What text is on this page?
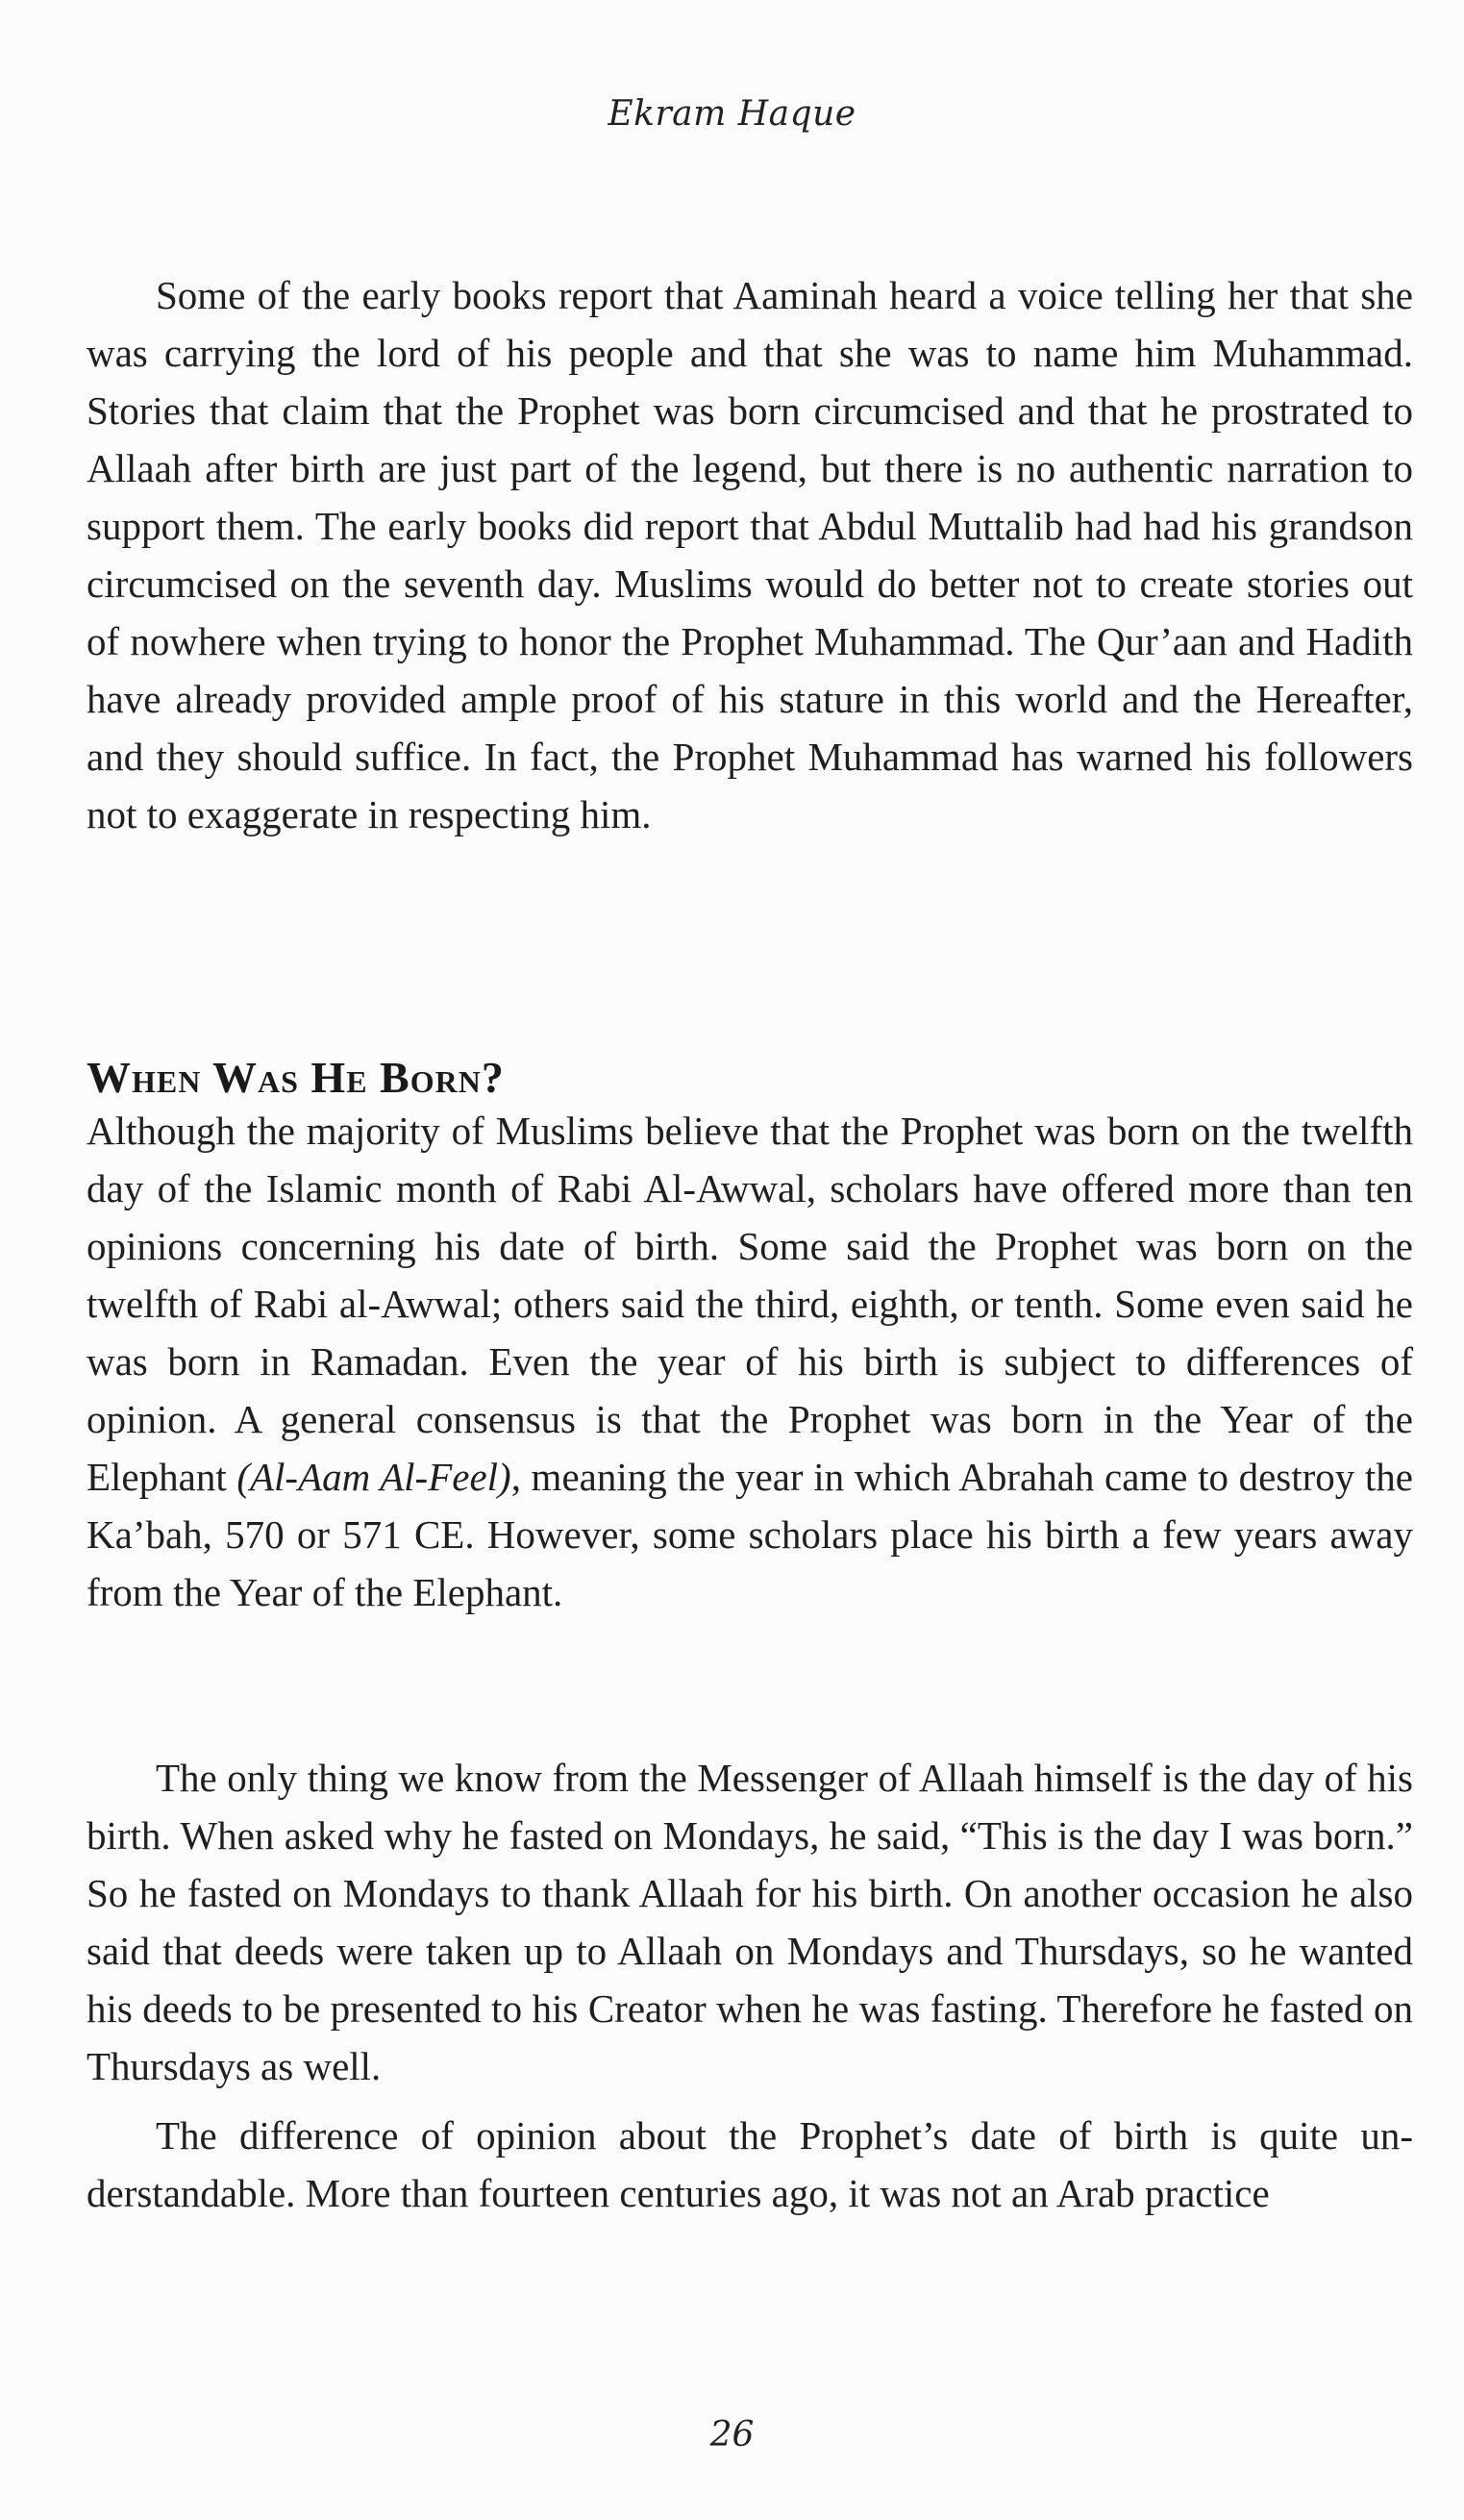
Ekram Haque

Some of the early books report that Aaminah heard a voice telling her that she was carrying the lord of his people and that she was to name him Muhammad. Stories that claim that the Prophet was born circumcised and that he prostrated to Allaah after birth are just part of the legend, but there is no authentic narration to support them. The early books did report that Abdul Muttalib had had his grandson circumcised on the seventh day. Muslims would do better not to create stories out of nowhere when trying to honor the Prophet Muhammad. The Qur’aan and Hadith have already provided ample proof of his stature in this world and the Hereafter, and they should suffice. In fact, the Prophet Muhammad has warned his followers not to exaggerate in respecting him.

When Was He Born?

Although the majority of Muslims believe that the Prophet was born on the twelfth day of the Islamic month of Rabi Al-Awwal, scholars have offered more than ten opinions concerning his date of birth. Some said the Prophet was born on the twelfth of Rabi al-Awwal; others said the third, eighth, or tenth. Some even said he was born in Ramadan. Even the year of his birth is subject to differences of opinion. A general consensus is that the Prophet was born in the Year of the Elephant (Al-Aam Al-Feel), meaning the year in which Abrahah came to destroy the Ka’bah, 570 or 571 CE. However, some scholars place his birth a few years away from the Year of the Elephant.

The only thing we know from the Messenger of Allaah himself is the day of his birth. When asked why he fasted on Mondays, he said, “This is the day I was born.” So he fasted on Mondays to thank Allaah for his birth. On another occasion he also said that deeds were taken up to Allaah on Mondays and Thursdays, so he wanted his deeds to be presented to his Creator when he was fasting. Therefore he fasted on Thursdays as well.

The difference of opinion about the Prophet’s date of birth is quite understandable. More than fourteen centuries ago, it was not an Arab practice

26
